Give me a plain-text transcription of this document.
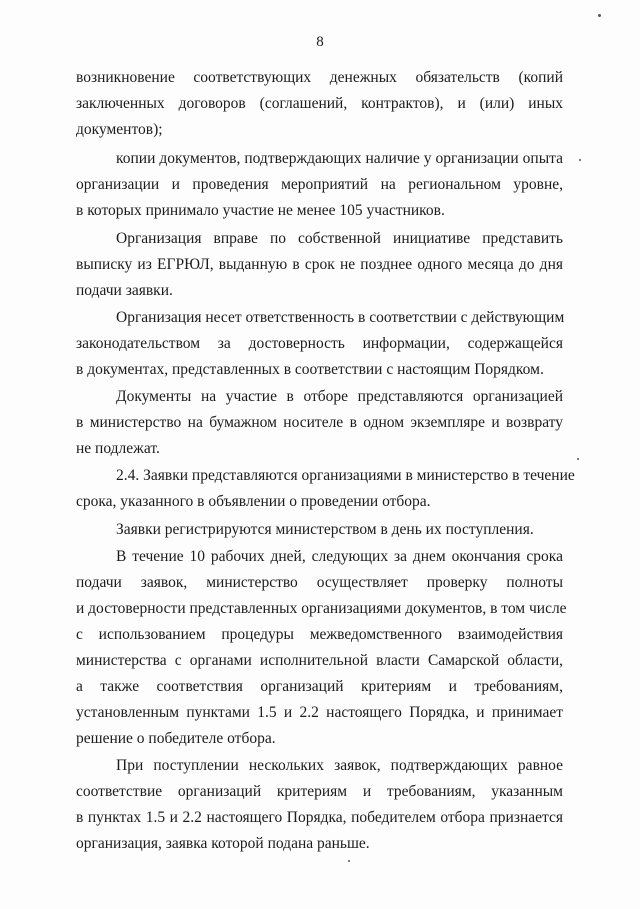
8
возникновение соответствующих денежных обязательств (копий
заключенных договоров (соглашений, контрактов), и (или) иных
документов);
копии документов, подтверждающих наличие у организации опыта
организации и проведения мероприятий на региональном уровне,
в которых принимало участие не менее 105 участников.
Организация вправе по собственной инициативе представить
выписку из ЕГРЮЛ, выданную в срок не позднее одного месяца до дня
подачи заявки.
Организация несет ответственность в соответствии с действующим
законодательством за достоверность информации, содержащейся
в документах, представленных в соответствии с настоящим Порядком.
Документы на участие в отборе представляются организацией
в министерство на бумажном носителе в одном экземпляре и возврату
не подлежат.
2.4. Заявки представляются организациями в министерство в течение
срока, указанного в объявлении о проведении отбора.
Заявки регистрируются министерством в день их поступления.
В течение 10 рабочих дней, следующих за днем окончания срока
подачи заявок, министерство осуществляет проверку полноты
и достоверности представленных организациями документов, в том числе
с использованием процедуры межведомственного взаимодействия
министерства с органами исполнительной власти Самарской области,
а также соответствия организаций критериям и требованиям,
установленным пунктами 1.5 и 2.2 настоящего Порядка, и принимает
решение о победителе отбора.
При поступлении нескольких заявок, подтверждающих равное
соответствие организаций критериям и требованиям, указанным
в пунктах 1.5 и 2.2 настоящего Порядка, победителем отбора признается
организация, заявка которой подана раньше.
